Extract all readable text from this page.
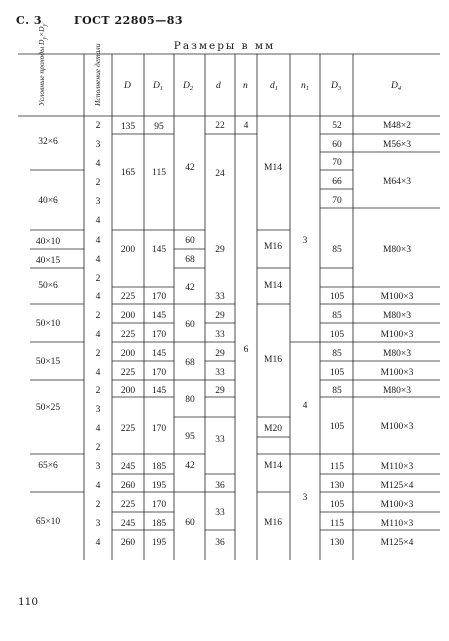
С. 3	ГОСТ 22805—83
Размеры в мм
Условные проходы $D_у\times D_у$
Исполнение детали D $D_1$ $D_2$ d n $d_1$ $n_1$ $D_3$	$D_4$
32×6
40×6
40×10
40×15
50×6
50×10
50×15
50×25
65×6
65×10
2
3
4
2
3
4
4
4
2
4
2
4
2
4
2
3
4
2
3
4
2
3
4
135
165
200
225
200
225
200
225
200
225
245
260
225
245
260
95
115
145
170
145
170
145
170
145
170
185
195
170
185
195
42
60
68
42
60
68
80
95
42
60
22
24
29
33
29
33
29
33
29
33
36
33
36
4
6
M14
M16
M14
M16
M20
M14
M16
3
4
3
52
60
70
66
70
85
105
85
105
85
105
85
105
115
130
105
115
130
M48×2
M56×3
M64×3
M80×3
M100×3
M80×3
M100×3
M80×3
M100×3
M80×3
M100×3
M110×3
M125×4
M100×3
M110×3
M125×4
110
